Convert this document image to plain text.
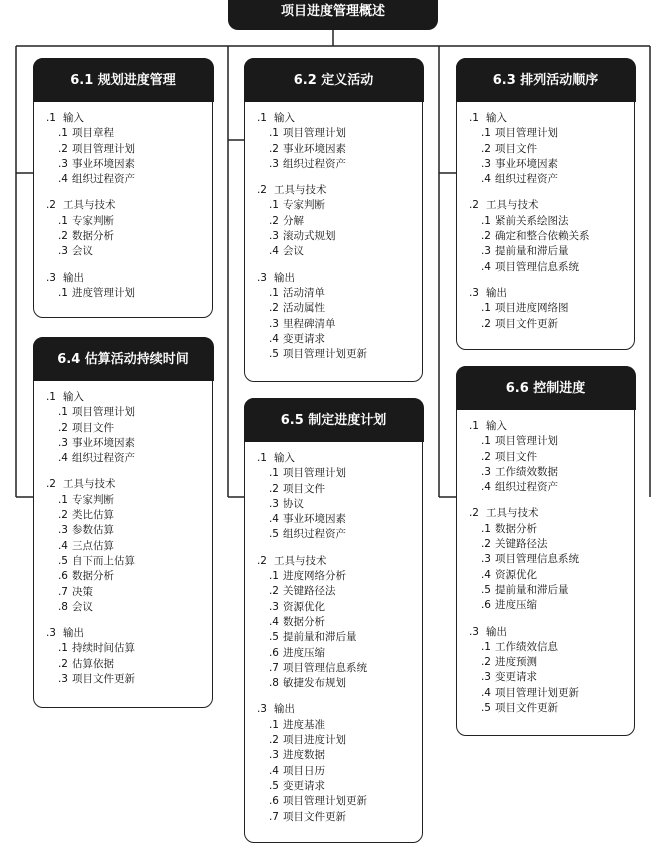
项目进度管理概述
6.1 规划进度管理
.1 输入
.1 项目章程
.2 项目管理计划
.3 事业环境因素
.4 组织过程资产
.2 工具与技术
.1 专家判断
.2 数据分析
.3 会议
.3 输出
.1 进度管理计划
6.2 定义活动
.1 输入
.1 项目管理计划
.2 事业环境因素
.3 组织过程资产
.2 工具与技术
.1 专家判断
.2 分解
.3 滚动式规划
.4 会议
.3 输出
.1 活动清单
.2 活动属性
.3 里程碑清单
.4 变更请求
.5 项目管理计划更新
6.3 排列活动顺序
.1 输入
.1 项目管理计划
.2 项目文件
.3 事业环境因素
.4 组织过程资产
.2 工具与技术
.1 紧前关系绘图法
.2 确定和整合依赖关系
.3 提前量和滞后量
.4 项目管理信息系统
.3 输出
.1 项目进度网络图
.2 项目文件更新
6.4 估算活动持续时间
.1 输入
.1 项目管理计划
.2 项目文件
.3 事业环境因素
.4 组织过程资产
.2 工具与技术
.1 专家判断
.2 类比估算
.3 参数估算
.4 三点估算
.5 自下而上估算
.6 数据分析
.7 决策
.8 会议
.3 输出
.1 持续时间估算
.2 估算依据
.3 项目文件更新
6.5 制定进度计划
.1 输入
.1 项目管理计划
.2 项目文件
.3 协议
.4 事业环境因素
.5 组织过程资产
.2 工具与技术
.1 进度网络分析
.2 关键路径法
.3 资源优化
.4 数据分析
.5 提前量和滞后量
.6 进度压缩
.7 项目管理信息系统
.8 敏捷发布规划
.3 输出
.1 进度基准
.2 项目进度计划
.3 进度数据
.4 项目日历
.5 变更请求
.6 项目管理计划更新
.7 项目文件更新
6.6 控制进度
.1 输入
.1 项目管理计划
.2 项目文件
.3 工作绩效数据
.4 组织过程资产
.2 工具与技术
.1 数据分析
.2 关键路径法
.3 项目管理信息系统
.4 资源优化
.5 提前量和滞后量
.6 进度压缩
.3 输出
.1 工作绩效信息
.2 进度预测
.3 变更请求
.4 项目管理计划更新
.5 项目文件更新
